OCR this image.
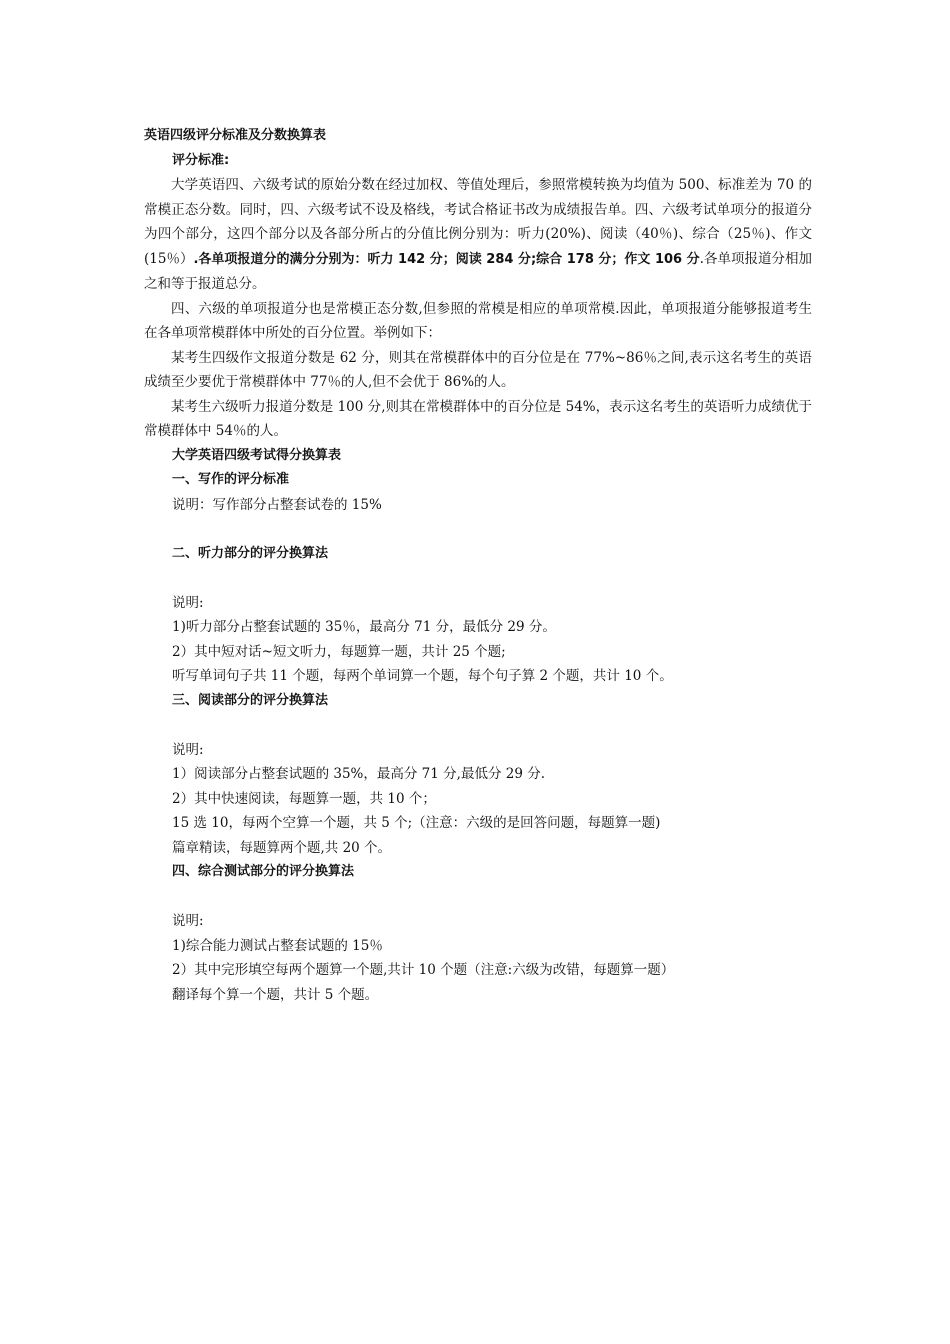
英语四级评分标准及分数换算表
评分标准:
大学英语四、六级考试的原始分数在经过加权、等值处理后，参照常模转换为均值为 500、标准差为 70 的常模正态分数。同时，四、六级考试不设及格线，考试合格证书改为成绩报告单。四、六级考试单项分的报道分为四个部分，这四个部分以及各部分所占的分值比例分别为：听力(20%)、阅读（40％)、综合（25％)、作文(15％）.各单项报道分的满分分别为：听力 142 分；阅读 284 分;综合 178 分；作文 106 分.各单项报道分相加之和等于报道总分。
四、六级的单项报道分也是常模正态分数,但参照的常模是相应的单项常模.因此，单项报道分能够报道考生在各单项常模群体中所处的百分位置。举例如下：
某考生四级作文报道分数是 62 分，则其在常模群体中的百分位是在 77%~86％之间,表示这名考生的英语成绩至少要优于常模群体中 77％的人,但不会优于 86%的人。
某考生六级听力报道分数是 100 分,则其在常模群体中的百分位是 54%，表示这名考生的英语听力成绩优于常模群体中 54％的人。
大学英语四级考试得分换算表
一、写作的评分标准
说明：写作部分占整套试卷的 15%
二、听力部分的评分换算法
说明:
1)听力部分占整套试题的 35％，最高分 71 分，最低分 29 分。
2）其中短对话~短文听力，每题算一题，共计 25 个题;
听写单词句子共 11 个题，每两个单词算一个题，每个句子算 2 个题，共计 10 个。
三、阅读部分的评分换算法
说明:
1）阅读部分占整套试题的 35%，最高分 71 分,最低分 29 分.
2）其中快速阅读，每题算一题，共 10 个；
15 选 10，每两个空算一个题，共 5 个;（注意：六级的是回答问题，每题算一题)
篇章精读，每题算两个题,共 20 个。
四、综合测试部分的评分换算法
说明:
1)综合能力测试占整套试题的 15％
2）其中完形填空每两个题算一个题,共计 10 个题（注意:六级为改错，每题算一题）
翻译每个算一个题，共计 5 个题。
